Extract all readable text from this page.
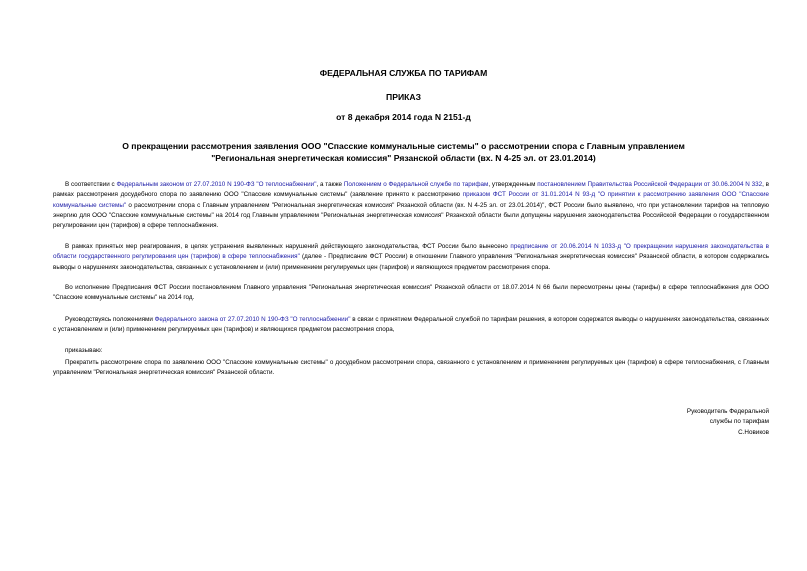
ФЕДЕРАЛЬНАЯ СЛУЖБА ПО ТАРИФАМ
ПРИКАЗ
от 8 декабря 2014 года N 2151-д
О прекращении рассмотрения заявления ООО "Спасские коммунальные системы" о рассмотрении спора с Главным управлением "Региональная энергетическая комиссия" Рязанской области (вх. N 4-25 эл. от 23.01.2014)

В соответствии с Федеральным законом от 27.07.2010 N 190-ФЗ "О теплоснабжении", а также Положением о Федеральной службе по тарифам, утвержденным постановлением Правительства Российской Федерации от 30.06.2004 N 332, в рамках рассмотрения досудебного спора по заявлению ООО "Спасские коммунальные системы" (заявление принято к рассмотрению приказом ФСТ России от 31.01.2014 N 93-д "О принятии к рассмотрению заявления ООО "Спасские коммунальные системы" о рассмотрении спора с Главным управлением "Региональная энергетическая комиссия" Рязанской области (вх. N 4-25 эл. от 23.01.2014)", ФСТ России было выявлено, что при установлении тарифов на тепловую энергию для ООО "Спасские коммунальные системы" на 2014 год Главным управлением "Региональная энергетическая комиссия" Рязанской области были допущены нарушения законодательства Российской Федерации о государственном регулировании цен (тарифов) в сфере теплоснабжения.

В рамках принятых мер реагирования, в целях устранения выявленных нарушений действующего законодательства, ФСТ России было вынесено предписание от 20.06.2014 N 1033-д "О прекращении нарушения законодательства в области государственного регулирования цен (тарифов) в сфере теплоснабжения" (далее - Предписание ФСТ России) в отношении Главного управления "Региональная энергетическая комиссия" Рязанской области, в котором содержались выводы о нарушениях законодательства, связанных с установлением и (или) применением регулируемых цен (тарифов) и являющихся предметом рассмотрения спора.

Во исполнение Предписания ФСТ России постановлением Главного управления "Региональная энергетическая комиссия" Рязанской области от 18.07.2014 N 66 были пересмотрены цены (тарифы) в сфере теплоснабжения для ООО "Спасские коммунальные системы" на 2014 год.

Руководствуясь положениями Федерального закона от 27.07.2010 N 190-ФЗ "О теплоснабжении" в связи с принятием Федеральной службой по тарифам решения, в котором содержатся выводы о нарушениях законодательства, связанных с установлением и (или) применением регулируемых цен (тарифов) и являющихся предметом рассмотрения спора,

приказываю:

Прекратить рассмотрение спора по заявлению ООО "Спасские коммунальные системы" о досудебном рассмотрении спора, связанного с установлением и применением регулируемых цен (тарифов) в сфере теплоснабжения, с Главным управлением "Региональная энергетическая комиссия" Рязанской области.

Руководитель Федеральной
службы по тарифам
С.Новиков
